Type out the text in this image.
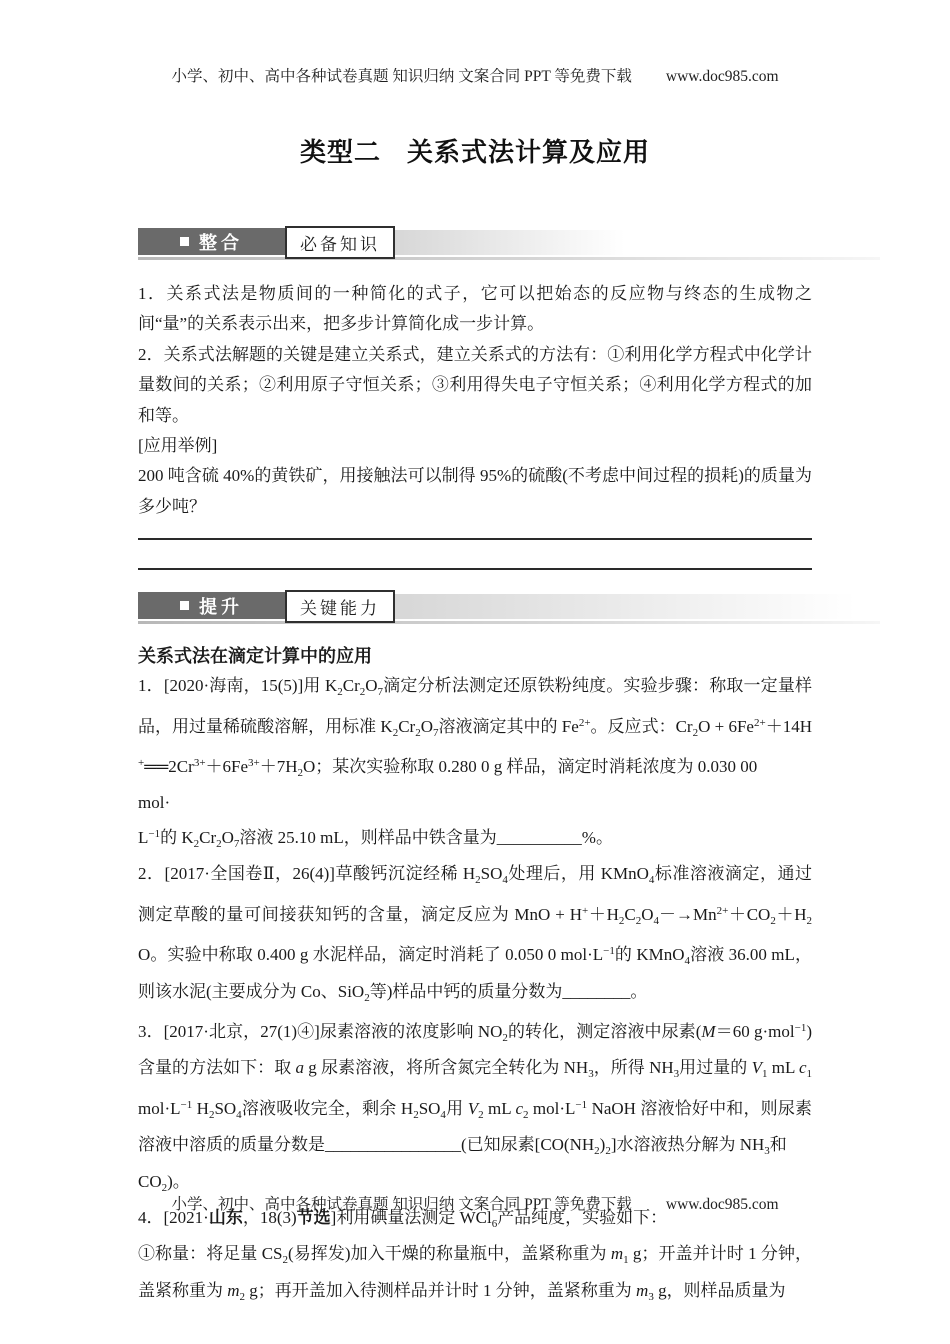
小学、初中、高中各种试卷真题 知识归纳 文案合同 PPT 等免费下载 www.doc985.com
类型二 关系式法计算及应用
整合	必备知识

1．关系式法是物质间的一种简化的式子，它可以把始态的反应物与终态的生成物之间“量”的关系表示出来，把多步计算简化成一步计算。

2．关系式法解题的关键是建立关系式，建立关系式的方法有：①利用化学方程式中化学计量数间的关系；②利用原子守恒关系；③利用得失电子守恒关系；④利用化学方程式的加和等。

[应用举例]

200 吨含硫 40%的黄铁矿，用接触法可以制得 95%的硫酸(不考虑中间过程的损耗)的质量为多少吨？

提升	关键能力

关系式法在滴定计算中的应用

1．[2020·海南，15(5)]用 $K_2Cr_2O_7$滴定分析法测定还原铁粉纯度。实验步骤：称取一定量样品，用过量稀硫酸溶解，用标准 $K_2Cr_2O_7$溶液滴定其中的 $Fe^{2+}$。反应式：$Cr_2O$ + $6Fe^{2+}+14H^+══2Cr^{3+}+6Fe^{3+}+7H_2O$；某次实验称取 0.280 0 g 样品，滴定时消耗浓度为 0.030 00
mol·
$L^{-1}$的 $K_2Cr_2O_7$溶液 25.10 mL，则样品中铁含量为__________%。

2．[2017·全国卷Ⅱ，26(4)]草酸钙沉淀经稀 $H_2SO_4$处理后，用 KMnO$_4$标准溶液滴定，通过测定草酸的量可间接获知钙的含量，滴定反应为 MnO + $H^++H_2C_2O_4-\to Mn^{2+}+CO_2+H_2O$。实验中称取 0.400 g 水泥样品，滴定时消耗了 0.050 0 $mol\cdot L^{-1}$的 KMnO$_4$溶液 36.00 mL，则该水泥(主要成分为 Co、SiO$_2$等)样品中钙的质量分数为________。

3．[2017·北京，27(1)④]尿素溶液的浓度影响 $NO_2$的转化，测定溶液中尿素(M＝60 g·mol$^{-1}$)含量的方法如下：取 a g 尿素溶液，将所含氮完全转化为 $NH_3$，所得 $NH_3$用过量的 $V_1$ mL $c_1$ $mol\cdot L^{-1}$ $H_2SO_4$溶液吸收完全，剩余 $H_2SO_4$用 $V_2$ mL $c_2$ $mol\cdot L^{-1}$ NaOH 溶液恰好中和，则尿素溶液中溶质的质量分数是________________(已知尿素$[CO(NH_2)_2]$水溶液热分解为 $NH_3$和
$CO_2$)。

4．[2021·山东，18(3)节选]利用碘量法测定 WCl$_6$产品纯度，实验如下：

①称量：将足量 $CS_2$(易挥发)加入干燥的称量瓶中，盖紧称重为 $m_1$ g；开盖并计时 1 分钟，盖紧称重为 $m_2$ g；再开盖加入待测样品并计时 1 分钟，盖紧称重为 $m_3$ g，则样品质量为

小学、初中、高中各种试卷真题 知识归纳 文案合同 PPT 等免费下载 www.doc985.com
